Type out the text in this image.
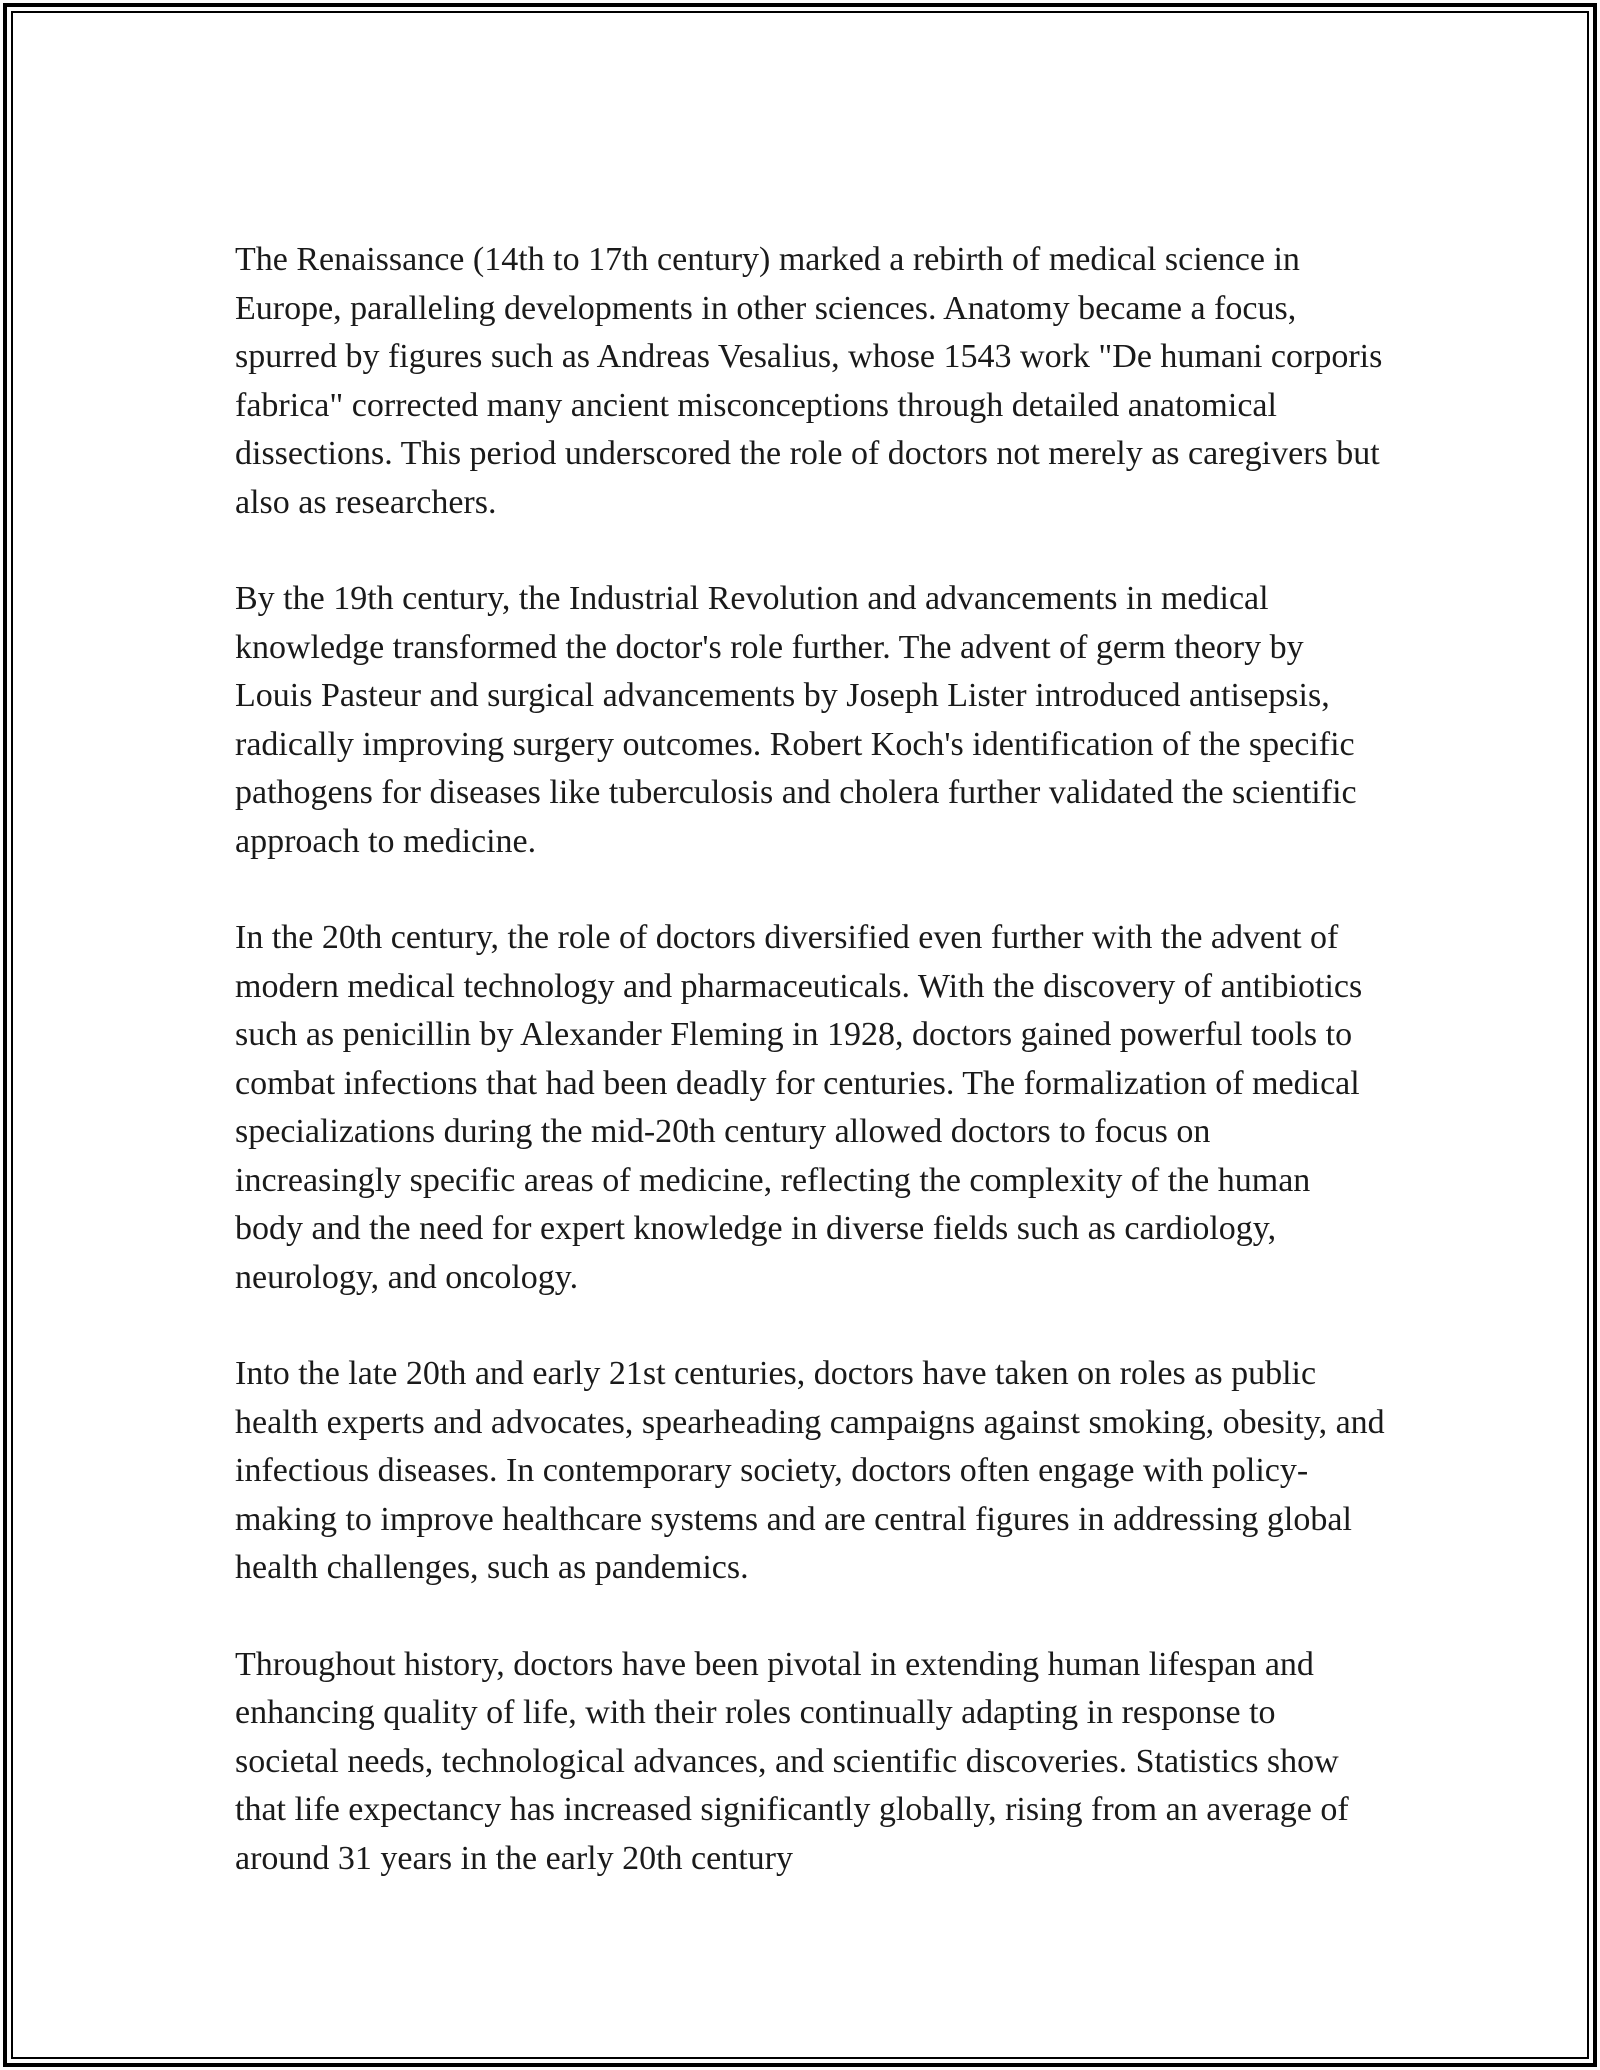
The Renaissance (14th to 17th century) marked a rebirth of medical science in Europe, paralleling developments in other sciences. Anatomy became a focus, spurred by figures such as Andreas Vesalius, whose 1543 work "De humani corporis fabrica" corrected many ancient misconceptions through detailed anatomical dissections. This period underscored the role of doctors not merely as caregivers but also as researchers.

By the 19th century, the Industrial Revolution and advancements in medical knowledge transformed the doctor's role further. The advent of germ theory by Louis Pasteur and surgical advancements by Joseph Lister introduced antisepsis, radically improving surgery outcomes. Robert Koch's identification of the specific pathogens for diseases like tuberculosis and cholera further validated the scientific approach to medicine.

In the 20th century, the role of doctors diversified even further with the advent of modern medical technology and pharmaceuticals. With the discovery of antibiotics such as penicillin by Alexander Fleming in 1928, doctors gained powerful tools to combat infections that had been deadly for centuries. The formalization of medical specializations during the mid-20th century allowed doctors to focus on increasingly specific areas of medicine, reflecting the complexity of the human body and the need for expert knowledge in diverse fields such as cardiology, neurology, and oncology.

Into the late 20th and early 21st centuries, doctors have taken on roles as public health experts and advocates, spearheading campaigns against smoking, obesity, and infectious diseases. In contemporary society, doctors often engage with policy-making to improve healthcare systems and are central figures in addressing global health challenges, such as pandemics.

Throughout history, doctors have been pivotal in extending human lifespan and enhancing quality of life, with their roles continually adapting in response to societal needs, technological advances, and scientific discoveries. Statistics show that life expectancy has increased significantly globally, rising from an average of around 31 years in the early 20th century
